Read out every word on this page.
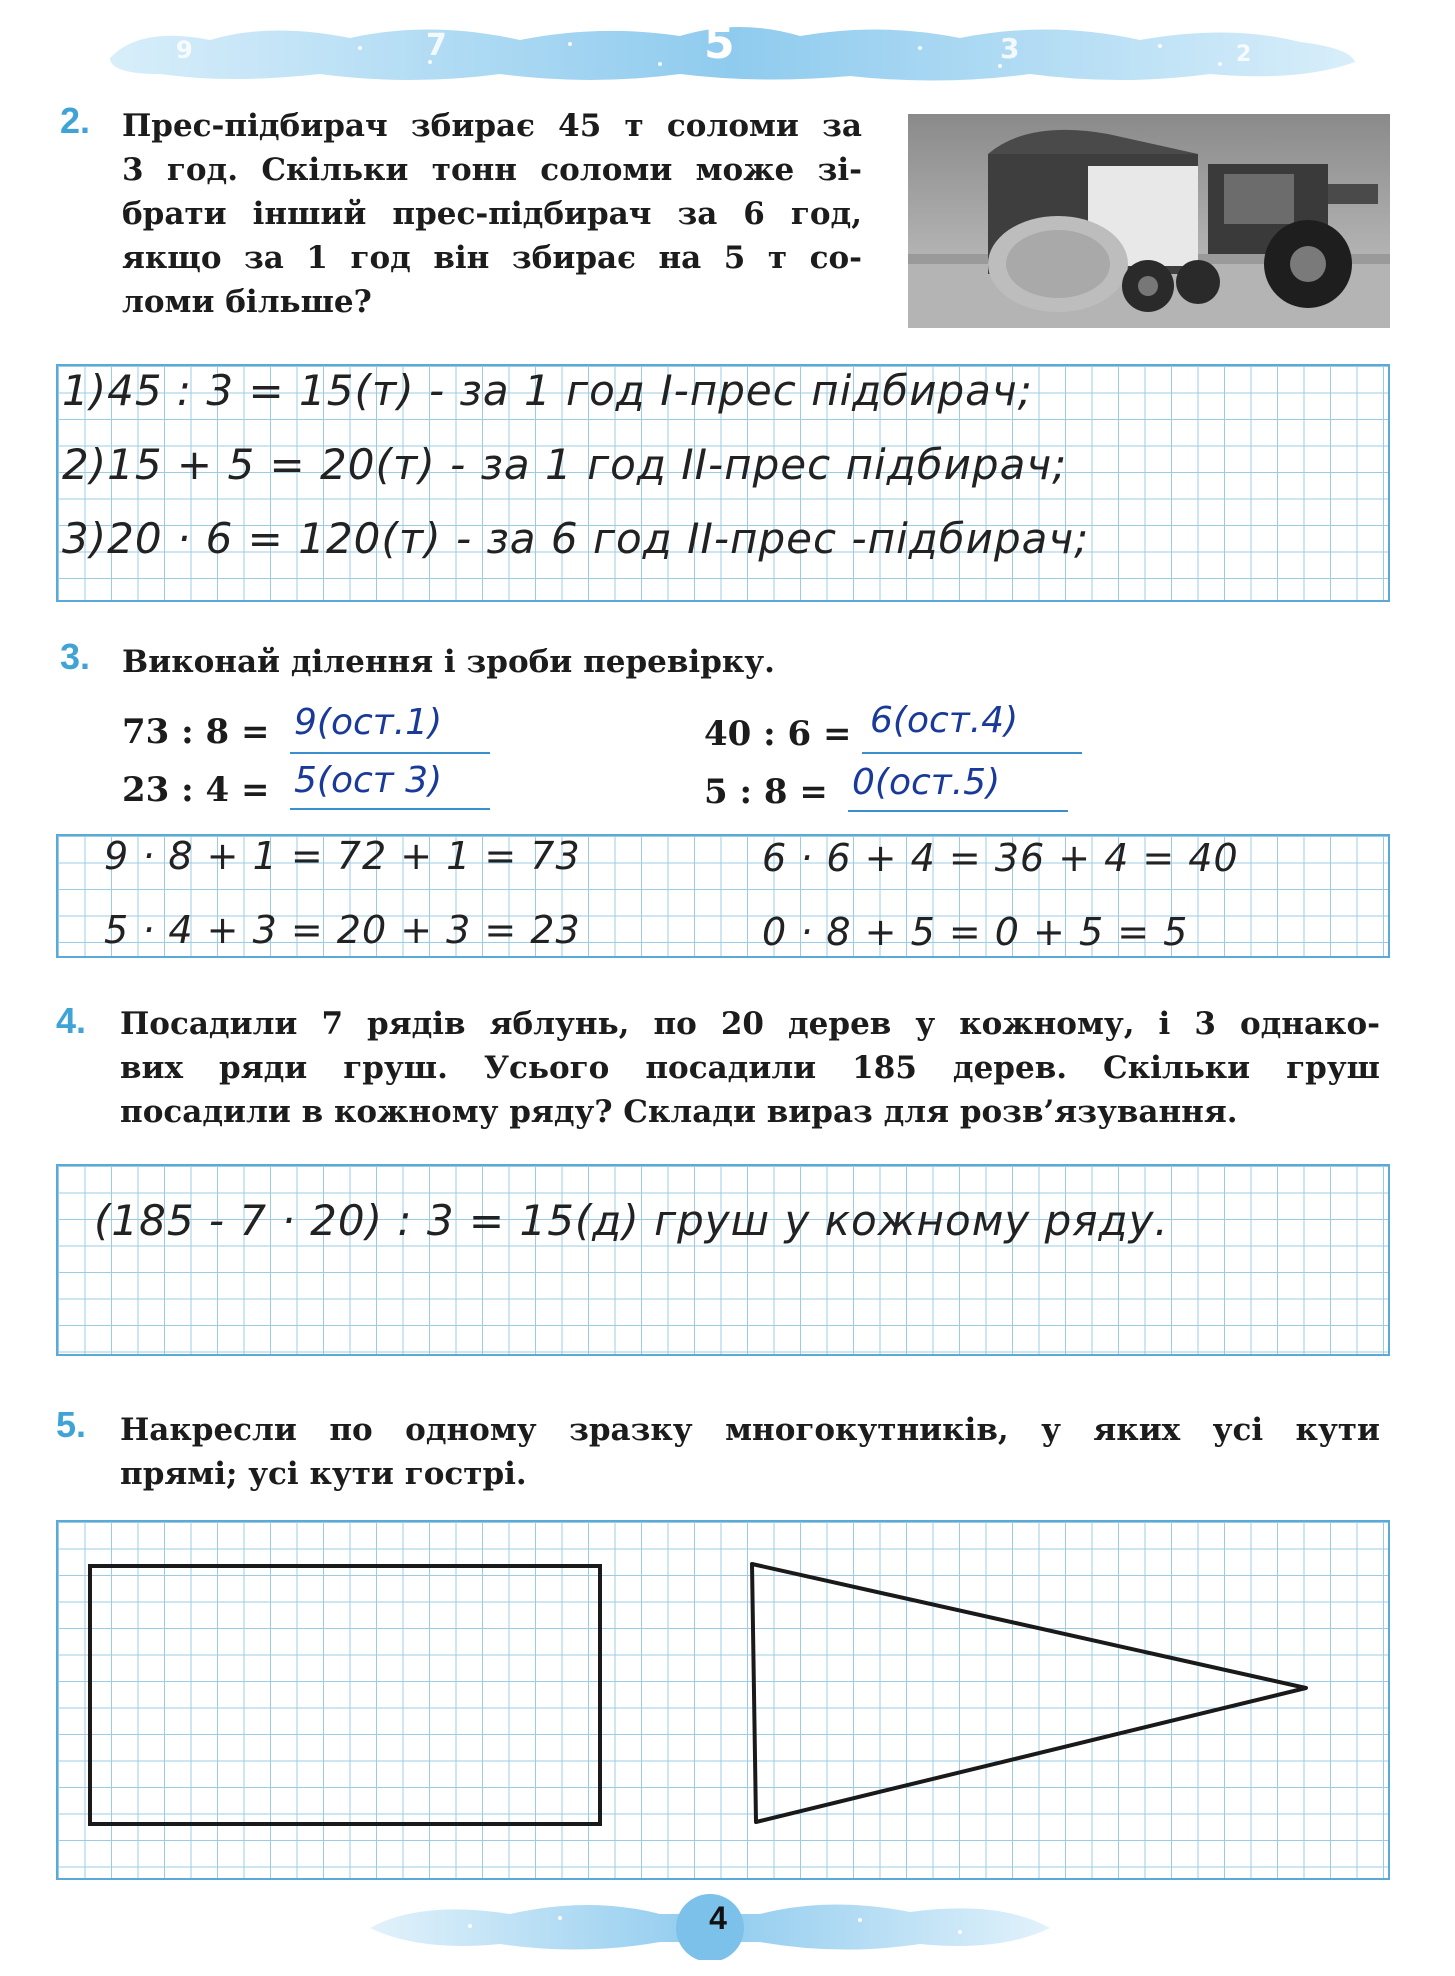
9	7	5	3	2
2. Прес-підбирач збирає 45 т соломи за
3 год. Скільки тонн соломи може зі-
брати інший прес-підбирач за 6 год,
якщо за 1 год він збирає на 5 т со-
ломи більше?
1)45 : 3 = 15(т) - за 1 год І-прес підбирач;
2)15 + 5 = 20(т) - за 1 год ІІ-прес підбирач;
3)20 · 6 = 120(т) - за 6 год ІІ-прес -підбирач;
3. Виконай ділення і зроби перевірку.
73 : 8 = 9(ост.1)
23 : 4 = 5(ост 3)
40 : 6 = 6(ост.4)
5 : 8 = 0(ост.5)
9 · 8 + 1 = 72 + 1 = 73
5 · 4 + 3 = 20 + 3 = 23
6 · 6 + 4 = 36 + 4 = 40
0 · 8 + 5 = 0 + 5 = 5
4. Посадили 7 рядів яблунь, по 20 дерев у кожному, і 3 однако-
вих ряди груш. Усього посадили 185 дерев. Скільки груш
посадили в кожному ряду? Склади вираз для розв’язування.
(185 - 7 · 20) : 3 = 15(д) груш у кожному ряду.
5. Накресли по одному зразку многокутників, у яких усі кути
прямі; усі кути гострі.
4
